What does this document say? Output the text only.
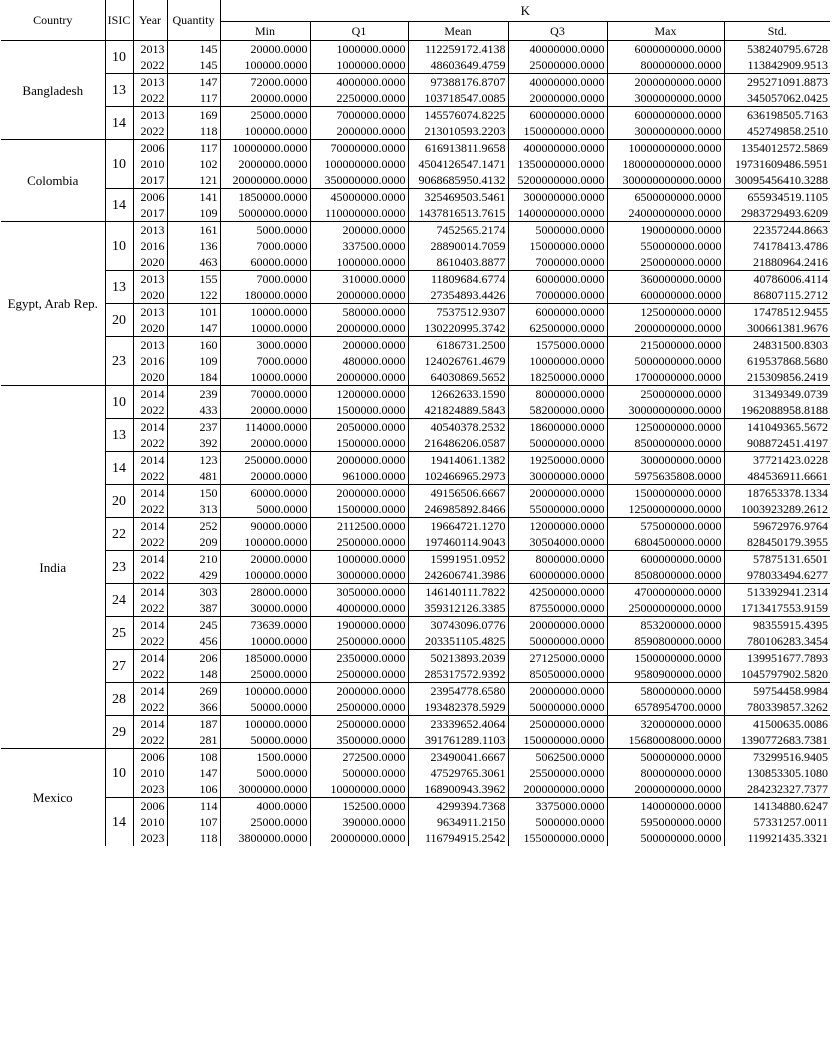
Country	ISIC	Year	Quantity	K					
				Min	Q1	Mean	Q3	Max	Std.
Bangladesh	10	2013	145	20000.0000	1000000.0000	112259172.4138	40000000.0000	6000000000.0000	538240795.6728
		2022	145	100000.0000	1000000.0000	48603649.4759	25000000.0000	800000000.0000	113842909.9513
	13	2013	147	72000.0000	4000000.0000	97388176.8707	40000000.0000	2000000000.0000	295271091.8873
		2022	117	20000.0000	2250000.0000	103718547.0085	20000000.0000	3000000000.0000	345057062.0425
	14	2013	169	25000.0000	7000000.0000	145576074.8225	60000000.0000	6000000000.0000	636198505.7163
		2022	118	100000.0000	2000000.0000	213010593.2203	150000000.0000	3000000000.0000	452749858.2510
Colombia	10	2006	117	10000000.0000	70000000.0000	616913811.9658	400000000.0000	10000000000.0000	1354012572.5869
		2010	102	2000000.0000	100000000.0000	4504126547.1471	1350000000.0000	180000000000.0000	19731609486.5951
		2017	121	20000000.0000	350000000.0000	9068685950.4132	5200000000.0000	300000000000.0000	30095456410.3288
	14	2006	141	1850000.0000	45000000.0000	325469503.5461	300000000.0000	6500000000.0000	655934519.1105
		2017	109	5000000.0000	110000000.0000	1437816513.7615	1400000000.0000	24000000000.0000	2983729493.6209
Egypt, Arab Rep.	10	2013	161	5000.0000	200000.0000	7452565.2174	5000000.0000	190000000.0000	22357244.8663
		2016	136	7000.0000	337500.0000	28890014.7059	15000000.0000	550000000.0000	74178413.4786
		2020	463	60000.0000	1000000.0000	8610403.8877	7000000.0000	250000000.0000	21880964.2416
	13	2013	155	7000.0000	310000.0000	11809684.6774	6000000.0000	360000000.0000	40786006.4114
		2020	122	180000.0000	2000000.0000	27354893.4426	7000000.0000	600000000.0000	86807115.2712
	20	2013	101	10000.0000	580000.0000	7537512.9307	6000000.0000	125000000.0000	17478512.9455
		2020	147	10000.0000	2000000.0000	130220995.3742	62500000.0000	2000000000.0000	300661381.9676
	23	2013	160	3000.0000	200000.0000	6186731.2500	1575000.0000	215000000.0000	24831500.8303
		2016	109	7000.0000	480000.0000	124026761.4679	10000000.0000	5000000000.0000	619537868.5680
		2020	184	10000.0000	2000000.0000	64030869.5652	18250000.0000	1700000000.0000	215309856.2419
India	10	2014	239	70000.0000	1200000.0000	12662633.1590	8000000.0000	250000000.0000	31349349.0739
		2022	433	20000.0000	1500000.0000	421824889.5843	58200000.0000	30000000000.0000	1962088958.8188
	13	2014	237	114000.0000	2050000.0000	40540378.2532	18600000.0000	1250000000.0000	141049365.5672
		2022	392	20000.0000	1500000.0000	216486206.0587	50000000.0000	8500000000.0000	908872451.4197
	14	2014	123	250000.0000	2000000.0000	19414061.1382	19250000.0000	300000000.0000	37721423.0228
		2022	481	20000.0000	961000.0000	102466965.2973	30000000.0000	5975635808.0000	484536911.6661
	20	2014	150	60000.0000	2000000.0000	49156506.6667	20000000.0000	1500000000.0000	187653378.1334
		2022	313	5000.0000	1500000.0000	246985892.8466	55000000.0000	12500000000.0000	1003923289.2612
	22	2014	252	90000.0000	2112500.0000	19664721.1270	12000000.0000	575000000.0000	59672976.9764
		2022	209	100000.0000	2500000.0000	197460114.9043	30504000.0000	6804500000.0000	828450179.3955
	23	2014	210	20000.0000	1000000.0000	15991951.0952	8000000.0000	600000000.0000	57875131.6501
		2022	429	100000.0000	3000000.0000	242606741.3986	60000000.0000	8508000000.0000	978033494.6277
	24	2014	303	28000.0000	3050000.0000	146140111.7822	42500000.0000	4700000000.0000	513392941.2314
		2022	387	30000.0000	4000000.0000	359312126.3385	87550000.0000	25000000000.0000	1713417553.9159
	25	2014	245	73639.0000	1900000.0000	30743096.0776	20000000.0000	853200000.0000	98355915.4395
		2022	456	10000.0000	2500000.0000	203351105.4825	50000000.0000	8590800000.0000	780106283.3454
	27	2014	206	185000.0000	2350000.0000	50213893.2039	27125000.0000	1500000000.0000	139951677.7893
		2022	148	25000.0000	2500000.0000	285317572.9392	85050000.0000	9580900000.0000	1045797902.5820
	28	2014	269	100000.0000	2000000.0000	23954778.6580	20000000.0000	580000000.0000	59754458.9984
		2022	366	50000.0000	2500000.0000	193482378.5929	50000000.0000	6578954700.0000	780339857.3262
	29	2014	187	100000.0000	2500000.0000	23339652.4064	25000000.0000	320000000.0000	41500635.0086
		2022	281	50000.0000	3500000.0000	391761289.1103	150000000.0000	15680008000.0000	1390772683.7381
Mexico	10	2006	108	1500.0000	272500.0000	23490041.6667	5062500.0000	500000000.0000	73299516.9405
		2010	147	5000.0000	500000.0000	47529765.3061	25500000.0000	800000000.0000	130853305.1080
		2023	106	3000000.0000	10000000.0000	168900943.3962	200000000.0000	2000000000.0000	284232327.7377
	14	2006	114	4000.0000	152500.0000	4299394.7368	3375000.0000	140000000.0000	14134880.6247
		2010	107	25000.0000	390000.0000	9634911.2150	5000000.0000	595000000.0000	57331257.0011
		2023	118	3800000.0000	20000000.0000	116794915.2542	155000000.0000	500000000.0000	119921435.3321
